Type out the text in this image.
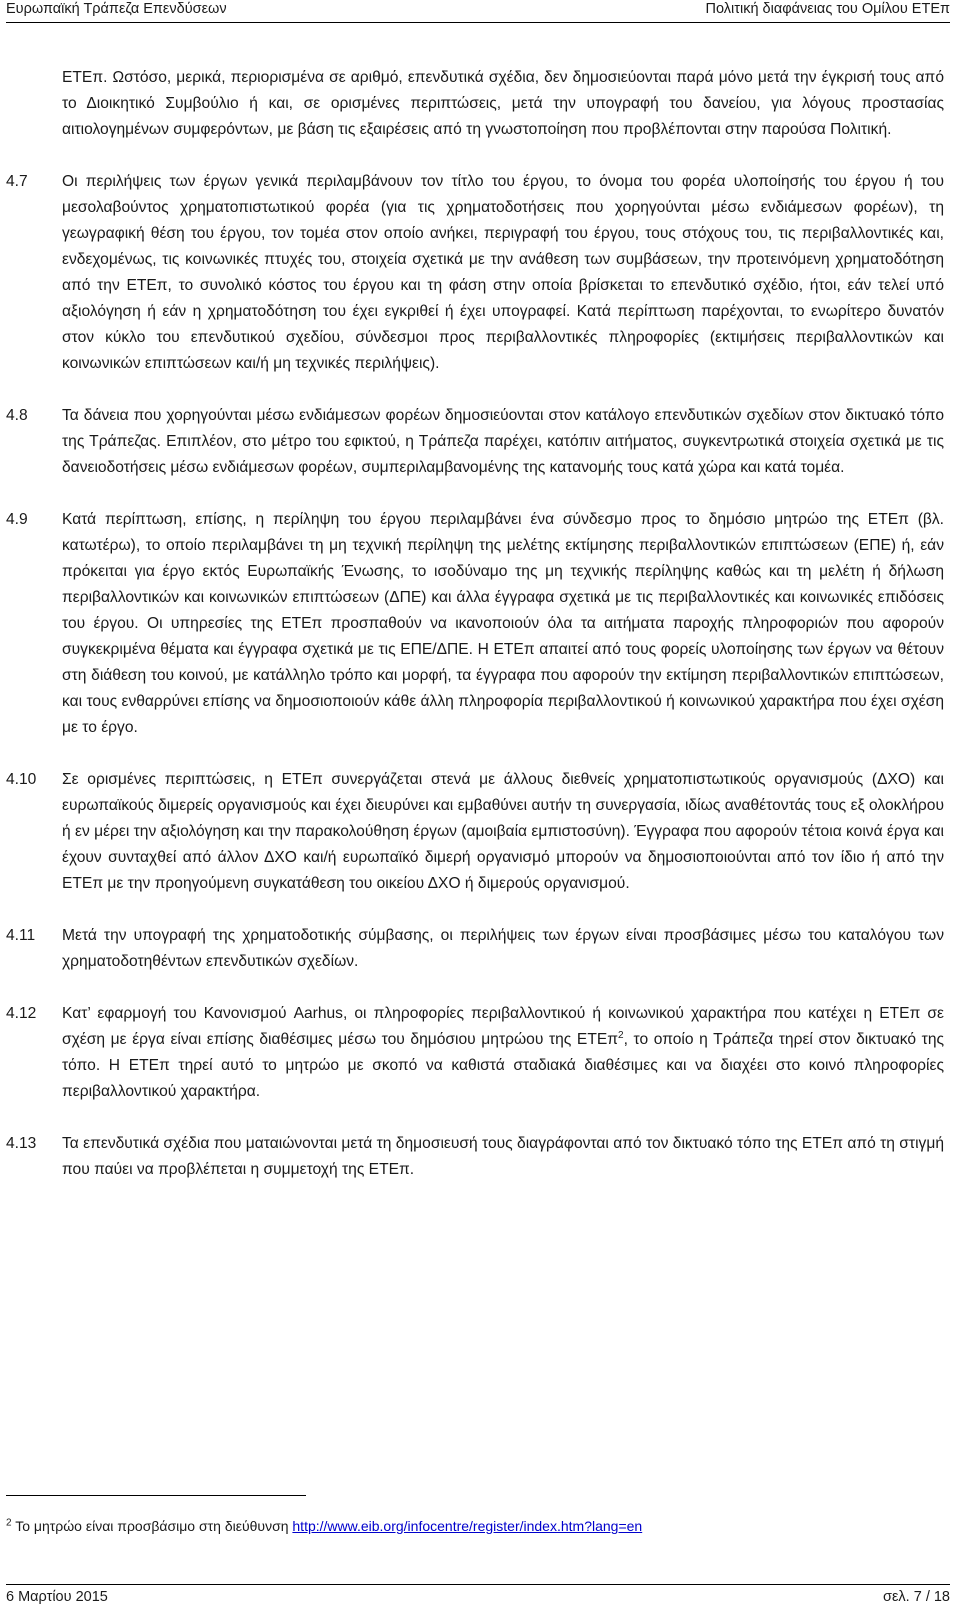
Ευρωπαϊκή Τράπεζα Επενδύσεων	Πολιτική διαφάνειας του Ομίλου ΕΤΕπ

ΕΤΕπ. Ωστόσο, μερικά, περιορισμένα σε αριθμό, επενδυτικά σχέδια, δεν δημοσιεύονται παρά μόνο μετά την έγκρισή τους από το Διοικητικό Συμβούλιο ή και, σε ορισμένες περιπτώσεις, μετά την υπογραφή του δανείου, για λόγους προστασίας αιτιολογημένων συμφερόντων, με βάση τις εξαιρέσεις από τη γνωστοποίηση που προβλέπονται στην παρούσα Πολιτική.

4.7 Οι περιλήψεις των έργων γενικά περιλαμβάνουν τον τίτλο του έργου, το όνομα του φορέα υλοποίησής του έργου ή του μεσολαβούντος χρηματοπιστωτικού φορέα (για τις χρηματοδοτήσεις που χορηγούνται μέσω ενδιάμεσων φορέων), τη γεωγραφική θέση του έργου, τον τομέα στον οποίο ανήκει, περιγραφή του έργου, τους στόχους του, τις περιβαλλοντικές και, ενδεχομένως, τις κοινωνικές πτυχές του, στοιχεία σχετικά με την ανάθεση των συμβάσεων, την προτεινόμενη χρηματοδότηση από την ΕΤΕπ, το συνολικό κόστος του έργου και τη φάση στην οποία βρίσκεται το επενδυτικό σχέδιο, ήτοι, εάν τελεί υπό αξιολόγηση ή εάν η χρηματοδότηση του έχει εγκριθεί ή έχει υπογραφεί. Κατά περίπτωση παρέχονται, το ενωρίτερο δυνατόν στον κύκλο του επενδυτικού σχεδίου, σύνδεσμοι προς περιβαλλοντικές πληροφορίες (εκτιμήσεις περιβαλλοντικών και κοινωνικών επιπτώσεων και/ή μη τεχνικές περιλήψεις).

4.8 Τα δάνεια που χορηγούνται μέσω ενδιάμεσων φορέων δημοσιεύονται στον κατάλογο επενδυτικών σχεδίων στον δικτυακό τόπο της Τράπεζας. Επιπλέον, στο μέτρο του εφικτού, η Τράπεζα παρέχει, κατόπιν αιτήματος, συγκεντρωτικά στοιχεία σχετικά με τις δανειοδοτήσεις μέσω ενδιάμεσων φορέων, συμπεριλαμβανομένης της κατανομής τους κατά χώρα και κατά τομέα.

4.9 Κατά περίπτωση, επίσης, η περίληψη του έργου περιλαμβάνει ένα σύνδεσμο προς το δημόσιο μητρώο της ΕΤΕπ (βλ. κατωτέρω), το οποίο περιλαμβάνει τη μη τεχνική περίληψη της μελέτης εκτίμησης περιβαλλοντικών επιπτώσεων (ΕΠΕ) ή, εάν πρόκειται για έργο εκτός Ευρωπαϊκής Ένωσης, το ισοδύναμο της μη τεχνικής περίληψης καθώς και τη μελέτη ή δήλωση περιβαλλοντικών και κοινωνικών επιπτώσεων (ΔΠΕ) και άλλα έγγραφα σχετικά με τις περιβαλλοντικές και κοινωνικές επιδόσεις του έργου. Οι υπηρεσίες της ΕΤΕπ προσπαθούν να ικανοποιούν όλα τα αιτήματα παροχής πληροφοριών που αφορούν συγκεκριμένα θέματα και έγγραφα σχετικά με τις ΕΠΕ/ΔΠΕ. Η ΕΤΕπ απαιτεί από τους φορείς υλοποίησης των έργων να θέτουν στη διάθεση του κοινού, με κατάλληλο τρόπο και μορφή, τα έγγραφα που αφορούν την εκτίμηση περιβαλλοντικών επιπτώσεων, και τους ενθαρρύνει επίσης να δημοσιοποιούν κάθε άλλη πληροφορία περιβαλλοντικού ή κοινωνικού χαρακτήρα που έχει σχέση με το έργο.

4.10 Σε ορισμένες περιπτώσεις, η ΕΤΕπ συνεργάζεται στενά με άλλους διεθνείς χρηματοπιστωτικούς οργανισμούς (ΔΧΟ) και ευρωπαϊκούς διμερείς οργανισμούς και έχει διευρύνει και εμβαθύνει αυτήν τη συνεργασία, ιδίως αναθέτοντάς τους εξ ολοκλήρου ή εν μέρει την αξιολόγηση και την παρακολούθηση έργων (αμοιβαία εμπιστοσύνη). Έγγραφα που αφορούν τέτοια κοινά έργα και έχουν συνταχθεί από άλλον ΔΧΟ και/ή ευρωπαϊκό διμερή οργανισμό μπορούν να δημοσιοποιούνται από τον ίδιο ή από την ΕΤΕπ με την προηγούμενη συγκατάθεση του οικείου ΔΧΟ ή διμερούς οργανισμού.

4.11 Μετά την υπογραφή της χρηματοδοτικής σύμβασης, οι περιλήψεις των έργων είναι προσβάσιμες μέσω του καταλόγου των χρηματοδοτηθέντων επενδυτικών σχεδίων.

4.12 Κατ’ εφαρμογή του Κανονισμού Aarhus, οι πληροφορίες περιβαλλοντικού ή κοινωνικού χαρακτήρα που κατέχει η ΕΤΕπ σε σχέση με έργα είναι επίσης διαθέσιμες μέσω του δημόσιου μητρώου της ΕΤΕπ$^2$, το οποίο η Τράπεζα τηρεί στον δικτυακό της τόπο. Η ΕΤΕπ τηρεί αυτό το μητρώο με σκοπό να καθιστά σταδιακά διαθέσιμες και να διαχέει στο κοινό πληροφορίες περιβαλλοντικού χαρακτήρα.

4.13 Τα επενδυτικά σχέδια που ματαιώνονται μετά τη δημοσιευσή τους διαγράφονται από τον δικτυακό τόπο της ΕΤΕπ από τη στιγμή που παύει να προβλέπεται η συμμετοχή της ΕΤΕπ.

$^2$ Το μητρώο είναι προσβάσιμο στη διεύθυνση http://www.eib.org/infocentre/register/index.htm?lang=en
6 Μαρτίου 2015	σελ. 7 / 18
